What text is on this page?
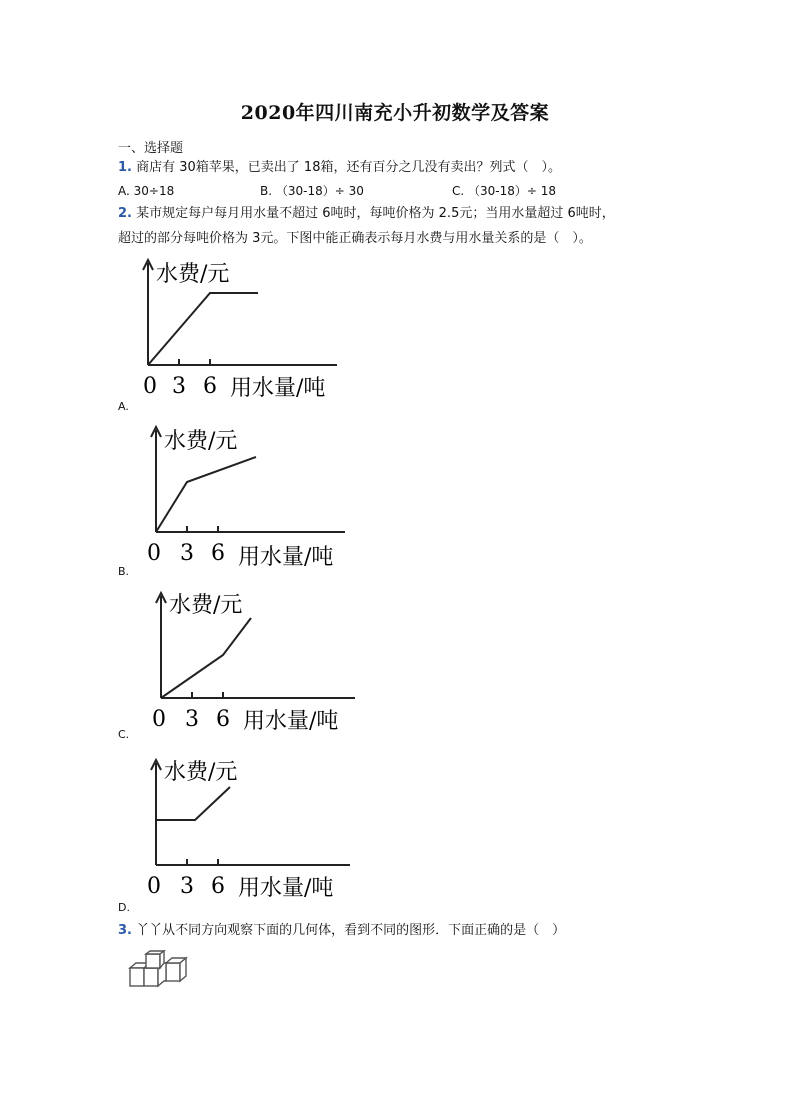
2020年四川南充小升初数学及答案
一、选择题
1. 商店有 30箱苹果，已卖出了 18箱，还有百分之几没有卖出？列式（　）。
A. 30÷18	B. （30-18）÷ 30	C. （30-18）÷ 18
2. 某市规定每户每月用水量不超过 6吨时，每吨价格为 2.5元；当用水量超过 6吨时，
超过的部分每吨价格为 3元。下图中能正确表示每月水费与用水量关系的是（　）。
水费/元
0 3 6 用水量/吨
A.
水费/元
0 3 6 用水量/吨
B.
水费/元
0 3 6 用水量/吨
C.
水费/元
0 3 6 用水量/吨
D.
3. 丫丫从不同方向观察下面的几何体，看到不同的图形．下面正确的是（　）
